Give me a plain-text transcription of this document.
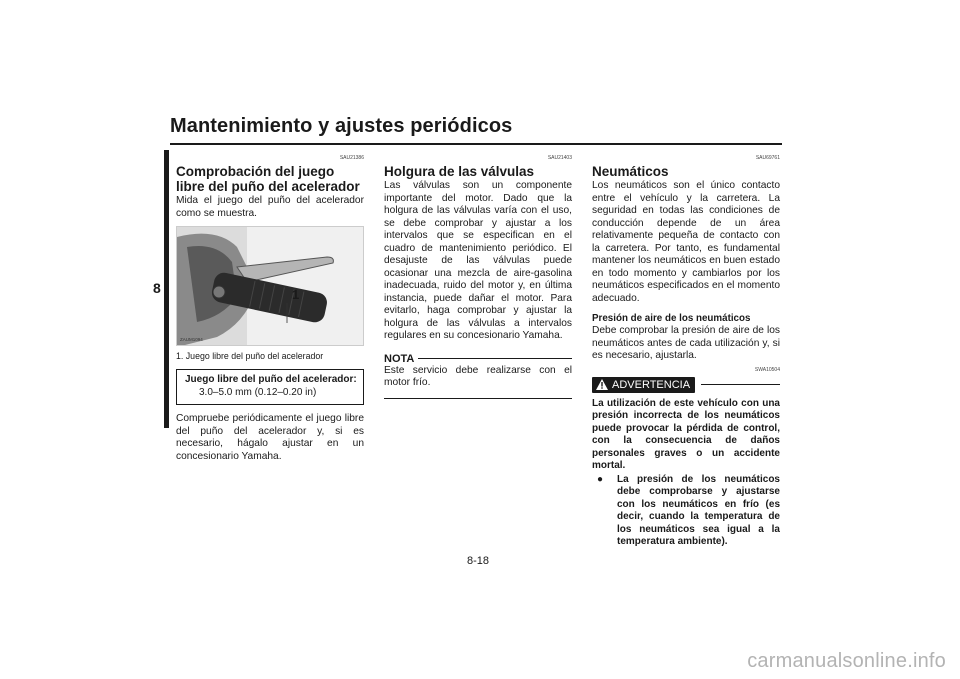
Mantenimiento y ajustes periódicos
8
SAU21386
Comprobación del juego libre del puño del acelerador

Mida el juego del puño del acelerador como se muestra.

1
ZAUM1094
1. Juego libre del puño del acelerador
Juego libre del puño del acelerador:
3.0–5.0 mm (0.12–0.20 in)

Compruebe periódicamente el juego libre del puño del acelerador y, si es necesario, hágalo ajustar en un concesionario Yamaha.

SAU21403
Holgura de las válvulas

Las válvulas son un componente importante del motor. Dado que la holgura de las válvulas varía con el uso, se debe comprobar y ajustar a los intervalos que se especifican en el cuadro de mantenimiento periódico. El desajuste de las válvulas puede ocasionar una mezcla de aire-gasolina inadecuada, ruido del motor y, en última instancia, puede dañar el motor. Para evitarlo, haga comprobar y ajustar la holgura de las válvulas a intervalos regulares en su concesionario Yamaha.

NOTA

Este servicio debe realizarse con el motor frío.

SAU69761
Neumáticos

Los neumáticos son el único contacto entre el vehículo y la carretera. La seguridad en todas las condiciones de conducción depende de un área relativamente pequeña de contacto con la carretera. Por tanto, es fundamental mantener los neumáticos en buen estado en todo momento y cambiarlos por los neumáticos especificados en el momento adecuado.

Presión de aire de los neumáticos

Debe comprobar la presión de aire de los neumáticos antes de cada utilización y, si es necesario, ajustarla.

SWA10504
ADVERTENCIA
La utilización de este vehículo con una presión incorrecta de los neumáticos puede provocar la pérdida de control, con la consecuencia de daños personales graves o un accidente mortal.
●	La presión de los neumáticos debe comprobarse y ajustarse con los neumáticos en frío (es decir, cuando la temperatura de los neumáticos sea igual a la temperatura ambiente).
8-18
carmanualsonline.info
